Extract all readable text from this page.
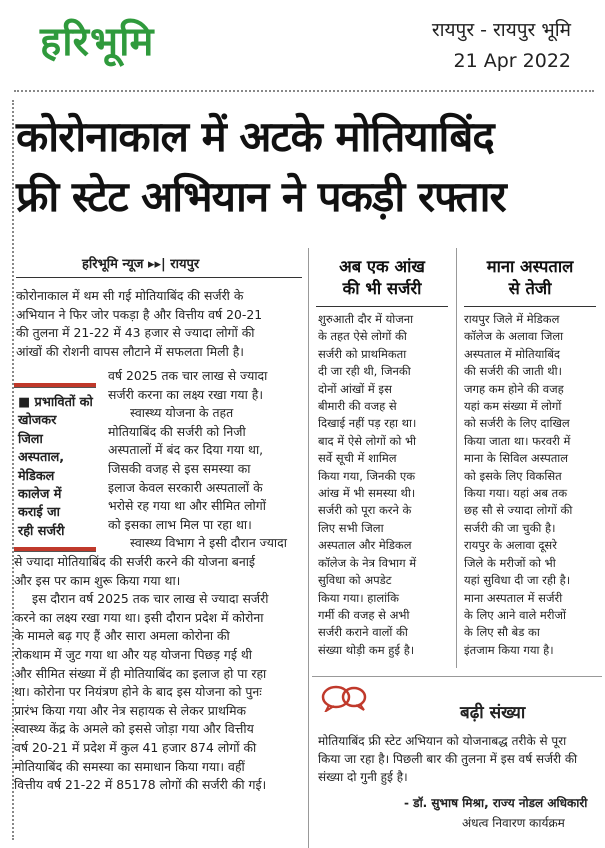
हरिभूमि	रायपुर - रायपुर भूमि
21 Apr 2022
कोरोनाकाल में अटके मोतियाबिंद
फ्री स्टेट अभियान ने पकड़ी रफ्तार
हरिभूमि न्यूज ▸▸| रायपुर
कोरोनाकाल में थम सी गई मोतियाबिंद की सर्जरी के
अभियान ने फिर जोर पकड़ा है और वित्तीय वर्ष 20-21
की तुलना में 21-22 में 43 हजार से ज्यादा लोगों की
आंखों की रोशनी वापस लौटाने में सफलता मिली है।
■ प्रभावितों को
खोजकर
जिला
अस्पताल,
मेडिकल
कालेज में
कराई जा
रही सर्जरी
वर्ष 2025 तक चार लाख से ज्यादा
सर्जरी करना का लक्ष्य रखा गया है।
स्वास्थ्य योजना के तहत
मोतियाबिंद की सर्जरी को निजी
अस्पतालों में बंद कर दिया गया था,
जिसकी वजह से इस समस्या का
इलाज केवल सरकारी अस्पतालों के
भरोसे रह गया था और सीमित लोगों
को इसका लाभ मिल पा रहा था।
स्वास्थ्य विभाग ने इसी दौरान ज्यादा
से ज्यादा मोतियाबिंद की सर्जरी करने की योजना बनाई
और इस पर काम शुरू किया गया था।
इस दौरान वर्ष 2025 तक चार लाख से ज्यादा सर्जरी
करने का लक्ष्य रखा गया था। इसी दौरान प्रदेश में कोरोना
के मामले बढ़ गए हैं और सारा अमला कोरोना की
रोकथाम में जुट गया था और यह योजना पिछड़ गई थी
और सीमित संख्या में ही मोतियाबिंद का इलाज हो पा रहा
था। कोरोना पर नियंत्रण होने के बाद इस योजना को पुनः
प्रारंभ किया गया और नेत्र सहायक से लेकर प्राथमिक
स्वास्थ्य केंद्र के अमले को इससे जोड़ा गया और वित्तीय
वर्ष 20-21 में प्रदेश में कुल 41 हजार 874 लोगों की
मोतियाबिंद की समस्या का समाधान किया गया। वहीं
वित्तीय वर्ष 21-22 में 85178 लोगों की सर्जरी की गई।
अब एक आंख
की भी सर्जरी
शुरुआती दौर में योजना
के तहत ऐसे लोगों की
सर्जरी को प्राथमिकता
दी जा रही थी, जिनकी
दोनों आंखों में इस
बीमारी की वजह से
दिखाई नहीं पड़ रहा था।
बाद में ऐसे लोगों को भी
सर्वे सूची में शामिल
किया गया, जिनकी एक
आंख में भी समस्या थी।
सर्जरी को पूरा करने के
लिए सभी जिला
अस्पताल और मेडिकल
कॉलेज के नेत्र विभाग में
सुविधा को अपडेट
किया गया। हालांकि
गर्मी की वजह से अभी
सर्जरी कराने वालों की
संख्या थोड़ी कम हुई है।
माना अस्पताल
से तेजी
रायपुर जिले में मेडिकल
कॉलेज के अलावा जिला
अस्पताल में मोतियाबिंद
की सर्जरी की जाती थी।
जगह कम होने की वजह
यहां कम संख्या में लोगों
को सर्जरी के लिए दाखिल
किया जाता था। फरवरी में
माना के सिविल अस्पताल
को इसके लिए विकसित
किया गया। यहां अब तक
छह सौ से ज्यादा लोगों की
सर्जरी की जा चुकी है।
रायपुर के अलावा दूसरे
जिले के मरीजों को भी
यहां सुविधा दी जा रही है।
माना अस्पताल में सर्जरी
के लिए आने वाले मरीजों
के लिए सौ बेड का
इंतजाम किया गया है।
बढ़ी संख्या
मोतियाबिंद फ्री स्टेट अभियान को योजनाबद्ध तरीके से पूरा
किया जा रहा है। पिछली बार की तुलना में इस वर्ष सर्जरी की
संख्या दो गुनी हुई है।
- डॉ. सुभाष मिश्रा, राज्य नोडल अधिकारी
अंधत्व निवारण कार्यक्रम
